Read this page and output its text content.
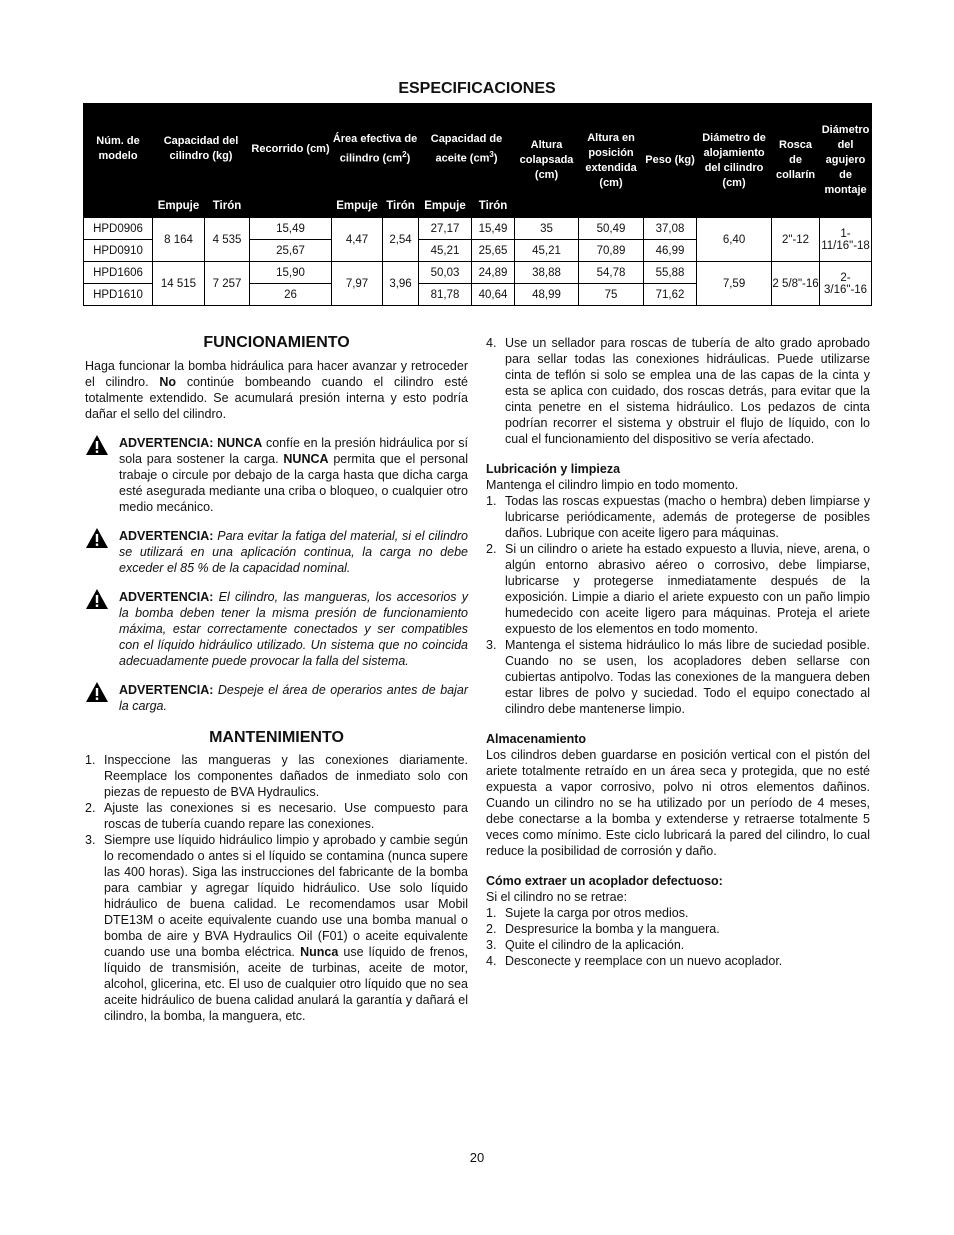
ESPECIFICACIONES
Núm. de modelo	Capacidad del cilindro (kg)		Recorrido (cm)	Área efectiva de cilindro $(cm^2)$		Capacidad de aceite $(cm^3)$		Altura colapsada (cm)	Altura en posición extendida (cm)	Peso (kg)	Diámetro de alojamiento del cilindro (cm)	Rosca de collarín	Diámetro del agujero de montaje
	Empuje	Tirón		Empuje	Tirón	Empuje	Tirón						
HPD0906	8 164	4 535	15,49	4,47	2,54	27,17	15,49	35	50,49	37,08	6,40	2"-12	1-11/16"-18
HPD0910			25,67			45,21	25,65	45,21	70,89	46,99			
HPD1606	14 515	7 257	15,90	7,97	3,96	50,03	24,89	38,88	54,78	55,88	7,59	2 5/8"-16	2-3/16"-16
HPD1610			26			81,78	40,64	48,99	75	71,62			
FUNCIONAMIENTO

Haga funcionar la bomba hidráulica para hacer avanzar y retroceder el cilindro. No continúe bombeando cuando el cilindro esté totalmente extendido. Se acumulará presión interna y esto podría dañar el sello del cilindro.

ADVERTENCIA: NUNCA confíe en la presión hidráulica por sí sola para sostener la carga. NUNCA permita que el personal trabaje o circule por debajo de la carga hasta que dicha carga esté asegurada mediante una criba o bloqueo, o cualquier otro medio mecánico.
ADVERTENCIA: Para evitar la fatiga del material, si el cilindro se utilizará en una aplicación continua, la carga no debe exceder el 85 % de la capacidad nominal.
ADVERTENCIA: El cilindro, las mangueras, los accesorios y la bomba deben tener la misma presión de funcionamiento máxima, estar correctamente conectados y ser compatibles con el líquido hidráulico utilizado. Un sistema que no coincida adecuadamente puede provocar la falla del sistema.
ADVERTENCIA: Despeje el área de operarios antes de bajar la carga.
MANTENIMIENTO
1. Inspeccione las mangueras y las conexiones diariamente. Reemplace los componentes dañados de inmediato solo con piezas de repuesto de BVA Hydraulics.
2. Ajuste las conexiones si es necesario. Use compuesto para roscas de tubería cuando repare las conexiones.
3. Siempre use líquido hidráulico limpio y aprobado y cambie según lo recomendado o antes si el líquido se contamina (nunca supere las 400 horas). Siga las instrucciones del fabricante de la bomba para cambiar y agregar líquido hidráulico. Use solo líquido hidráulico de buena calidad. Le recomendamos usar Mobil DTE13M o aceite equivalente cuando use una bomba manual o bomba de aire y BVA Hydraulics Oil (F01) o aceite equivalente cuando use una bomba eléctrica. Nunca use líquido de frenos, líquido de transmisión, aceite de turbinas, aceite de motor, alcohol, glicerina, etc. El uso de cualquier otro líquido que no sea aceite hidráulico de buena calidad anulará la garantía y dañará el cilindro, la bomba, la manguera, etc.
4. Use un sellador para roscas de tubería de alto grado aprobado para sellar todas las conexiones hidráulicas. Puede utilizarse cinta de teflón si solo se emplea una de las capas de la cinta y esta se aplica con cuidado, dos roscas detrás, para evitar que la cinta penetre en el sistema hidráulico. Los pedazos de cinta podrían recorrer el sistema y obstruir el flujo de líquido, con lo cual el funcionamiento del dispositivo se vería afectado.
Lubricación y limpieza

Mantenga el cilindro limpio en todo momento.

1. Todas las roscas expuestas (macho o hembra) deben limpiarse y lubricarse periódicamente, además de protegerse de posibles daños. Lubrique con aceite ligero para máquinas.
2. Si un cilindro o ariete ha estado expuesto a lluvia, nieve, arena, o algún entorno abrasivo aéreo o corrosivo, debe limpiarse, lubricarse y protegerse inmediatamente después de la exposición. Limpie a diario el ariete expuesto con un paño limpio humedecido con aceite ligero para máquinas. Proteja el ariete expuesto de los elementos en todo momento.
3. Mantenga el sistema hidráulico lo más libre de suciedad posible. Cuando no se usen, los acopladores deben sellarse con cubiertas antipolvo. Todas las conexiones de la manguera deben estar libres de polvo y suciedad. Todo el equipo conectado al cilindro debe mantenerse limpio.
Almacenamiento

Los cilindros deben guardarse en posición vertical con el pistón del ariete totalmente retraído en un área seca y protegida, que no esté expuesta a vapor corrosivo, polvo ni otros elementos dañinos. Cuando un cilindro no se ha utilizado por un período de 4 meses, debe conectarse a la bomba y extenderse y retraerse totalmente 5 veces como mínimo. Este ciclo lubricará la pared del cilindro, lo cual reduce la posibilidad de corrosión y daño.

Cómo extraer un acoplador defectuoso:

Si el cilindro no se retrae:

1. Sujete la carga por otros medios.
2. Despresurice la bomba y la manguera.
3. Quite el cilindro de la aplicación.
4. Desconecte y reemplace con un nuevo acoplador.
20
